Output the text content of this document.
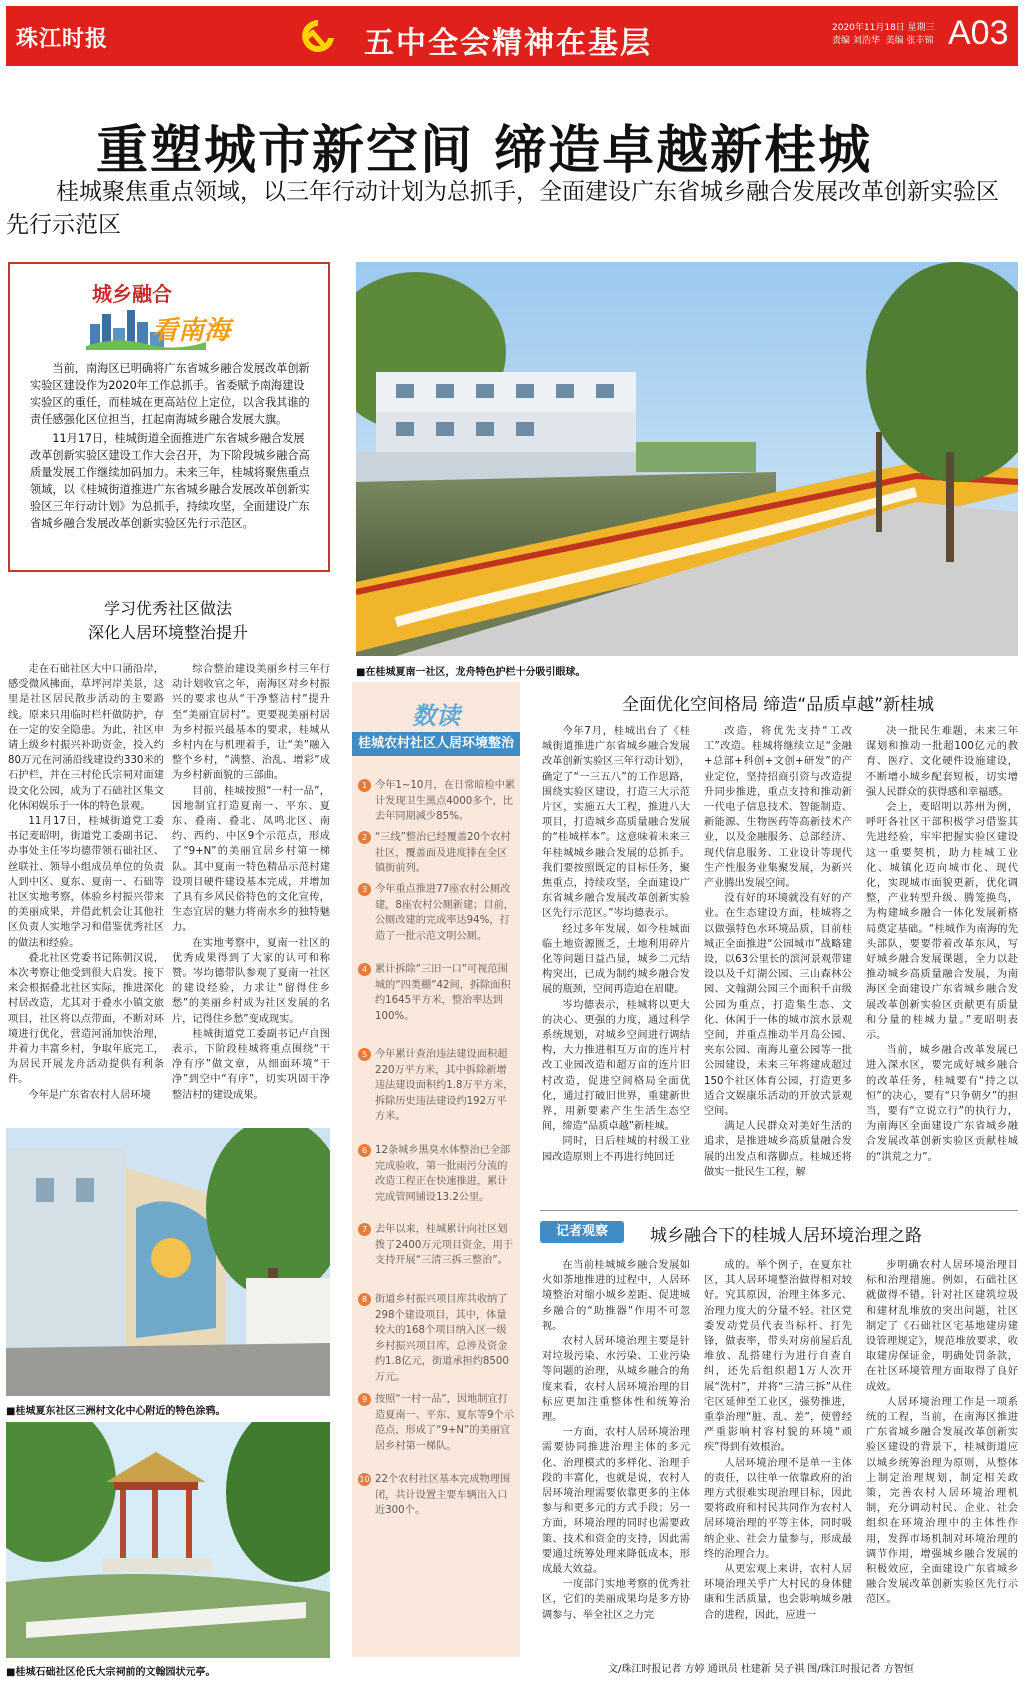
珠江时报	五中全会精神在基层	2020年11月18日 星期三
责编 刘浩华  美编 张丰锦 A03
重塑城市新空间 缔造卓越新桂城
桂城聚焦重点领域，以三年行动计划为总抓手，全面建设广东省城乡融合发展改革创新实验区先行示范区
城乡融合
看南海

当前，南海区已明确将广东省城乡融合发展改革创新实验区建设作为2020年工作总抓手。省委赋予南海建设实验区的重任，而桂城在更高站位上定位，以含我其谁的责任感强化区位担当，扛起南海城乡融合发展大旗。

11月17日，桂城街道全面推进广东省城乡融合发展改革创新实验区建设工作大会召开，为下阶段城乡融合高质量发展工作继续加码加力。未来三年，桂城将聚焦重点领域，以《桂城街道推进广东省城乡融合发展改革创新实验区三年行动计划》为总抓手，持续攻坚，全面建设广东省城乡融合发展改革创新实验区先行示范区。

■在桂城夏南一社区，龙舟特色护栏十分吸引眼球。
学习优秀社区做法
深化人居环境整治提升

走在石础社区大中口涌沿岸，感受微风拂面，草坪河岸美景，这里是社区居民散步活动的主要路线。原来只用临时栏杆做防护，存在一定的安全隐患。为此，社区申请上级乡村振兴补助资金，投入约80万元在河涌沿线建设约330米的石护栏，并在三村伦氏宗祠对面建设文化公园，成为了石础社区集文化休闲娱乐于一体的特色景观。

11月17日，桂城街道党工委书记麦昭明，街道党工委副书记、办事处主任岑均德带领石础社区、丝联社、领导小组成员单位的负责人到中区、夏东、夏南一、石础等社区实地考察，体验乡村振兴带来的美丽成果，并借此机会让其他社区负责人实地学习和借鉴优秀社区的做法和经验。

叠北社区党委书记陈朝汉说，本次考察让他受到很大启发。接下来会根据叠北社区实际，推进深化村居改造，尤其对于叠水小镇文旅项目，社区将以点带面，不断对环境进行优化，营造河涌加快治理，并着力丰富乡村，争取年底完工，为居民开展龙舟活动提供有利条件。

今年是广东省农村人居环境

综合整治建设美丽乡村三年行动计划收官之年，南海区对乡村振兴的要求也从“干净整洁村”提升至“美丽宜居村”。更要视美丽村居为乡村振兴最基本的要求，桂城从乡村内在与机理着手，让“美”融入整个乡村，“满整、治乱、增彩”成为乡村新面貌的三部曲。

目前，桂城按照“一村一品”，因地制宜打造夏南一、平东、夏东、叠南、叠北、凤鸣北区、南约、西约、中区9个示范点，形成了“9+N”的美丽宜居乡村第一梯队。其中夏南一特色精品示范村建设项目硬件建设基本完成，并增加了具有乡风民俗特色的文化宣传，生态宜居的魅力将南水乡的独特魅力。

在实地考察中，夏南一社区的优秀成果得到了大家的认可和称赞。岑均德带队参观了夏南一社区的建设经验，力求让“留得住乡愁”的美丽乡村成为社区发展的名片，记得住乡愁”变成现实。

桂城街道党工委副书记卢自图表示，下阶段桂城将重点围绕“干净有序”做文章，从细面环境“干净”到空中“有序”，切实巩固干净整洁村的建设成果。

■桂城夏东社区三洲村文化中心附近的特色涂鸦。
■桂城石础社区伦氏大宗祠前的文翰园状元亭。
数读
桂城农村社区人居环境整治
1 今年1~10月，在日常暗检中累计发现卫生黑点4000多个，比去年同期减少85%。
2 “三线”整治已经覆盖20个农村社区，覆盖面及进度排在全区镇街前列。
3 今年重点推进77座农村公厕改建，8座农村公厕新建；目前，公厕改建的完成率达94%，打造了一批示范文明公厕。
4 累计拆除“三旧一口”可视范围城的“四类棚”42间，拆除面积约1645平方米，整治率达到100%。
5 今年累计查治违法建设面积超220万平方米，其中拆除新增违法建设面积约1.8万平方米，拆除历史违法建设约192万平方米。
6 12条城乡黑臭水体整治已全部完成验收，第一批雨污分流的改造工程正在快速推进，累计完成管网铺设13.2公里。
7 去年以来，桂城累计向社区划拨了2400万元项目资金，用于支持开展“三清三拆三整治”。
8 街道乡村振兴项目库共收纳了298个建设项目，其中，体量较大的168个项目纳入区一级乡村振兴项目库，总涉及资金约1.8亿元，街道承担约8500万元。
9 按照“一村一品”，因地制宜打造夏南一、平东、夏东等9个示范点，形成了“9+N”的美丽宜居乡村第一梯队。
10 22个农村社区基本完成物理围闭，共计设置主要车辆出入口近300个。
全面优化空间格局 缔造“品质卓越”新桂城

今年7月，桂城出台了《桂城街道推进广东省城乡融合发展改革创新实验区三年行动计划》，确定了“一三五八”的工作思路，围绕实验区建设，打造三大示范片区，实施五大工程，推进八大项目，打造城乡高质量融合发展的“桂城样本”。这意味着未来三年桂城城乡融合发展的总抓手。我们要按照既定的目标任务，聚焦重点，持续攻坚，全面建设广东省城乡融合发展改革创新实验区先行示范区。”岑均德表示。

经过多年发展，如今桂城面临土地资源匮乏，土地利用碎片化等问题日益凸显，城乡二元结构突出，已成为制约城乡融合发展的瓶颈，空间再造迫在眉睫。

岑均德表示，桂城将以更大的决心、更强的力度，通过科学系统规划，对城乡空间进行调结构，大力推进相互万亩的连片村改工业园改造和超万亩的连片旧村改造，促进空间格局全面优化，通过打破旧世界，重建新世界，用新要素产生生活生态空间，缔造“品质卓越”新桂城。

同时，日后桂城的村级工业园改造原则上不再进行纯回迁

改造，将优先支持“工改工”改造。桂城将继续立足“金融+总部+科创+文创+研发”的产业定位，坚持招商引资与改造提升同步推进，重点支持和推动新一代电子信息技术、智能制造、新能源、生物医药等高新技术产业，以及金融服务、总部经济、现代信息服务、工业设计等现代生产性服务业集聚发展，为新兴产业腾出发展空间。

没有好的环境就没有好的产业。在生态建设方面，桂城将之以做强特色水环境品质，目前桂城正全面推进“公园城市”战略建设，以63公里长的滨河景观带建设以及千灯湖公园、三山森林公园、文翰湖公园三个面积千亩级公园为重点，打造集生态、文化、休闲于一体的城市滨水景观空间，并重点推动半月岛公园、夹东公园、南海儿童公园等一批公园建设，未来三年将建成超过150个社区体育公园，打造更多适合文娱康乐活动的开放式景观空间。

满足人民群众对美好生活的追求，是推进城乡高质量融合发展的出发点和落脚点。桂城还将做实一批民生工程，解

决一批民生难题，未来三年谋划和推动一批超100亿元的教育、医疗、文化硬件设施建设，不断增小城乡配套短板，切实增强人民群众的获得感和幸福感。

会上，麦昭明以苏州为例，呼吁各社区干部积极学习借鉴其先进经验，牢牢把握实验区建设这一重要契机，助力桂城工业化、城镇化迈向城市化、现代化，实现城市面貌更新，优化调整，产业转型升级、腾笼换鸟，为构建城乡融合一体化发展新格局奠定基础。“桂城作为南海的先头部队，要要带着改革东风，写好城乡融合发展课题，全力以赴推动城乡高质量融合发展，为南海区全面建设广东省城乡融合发展改革创新实验区贡献更有质量和分量的桂城力量。”麦昭明表示。

当前，城乡融合改革发展已进入深水区，要完成好城乡融合的改革任务，桂城要有“持之以恒”的决心，要有“只争朝夕”的担当，要有“立说立行”的执行力，为南海区全面建设广东省城乡融合发展改革创新实验区贡献桂城的“洪荒之力”。

记者观察	城乡融合下的桂城人居环境治理之路

在当前桂城城乡融合发展如火如荼地推进的过程中，人居环境整治对缩小城乡差距、促进城乡融合的“助推器”作用不可忽视。

农村人居环境治理主要是针对垃圾污染、水污染、工业污染等问题的治理，从城乡融合的角度来看，农村人居环境治理的目标应更加注重整体性和统筹治理。

一方面，农村人居环境治理需要协同推进治理主体的多元化、治理模式的多样化、治理手段的丰富化，也就是说，农村人居环境治理需要依靠更多的主体参与和更多元的方式手段；另一方面，环境治理的同时也需要政策、技术和资金的支持，因此需要通过统筹处理来降低成本，形成最大效益。

一度部门实地考察的优秀社区，它们的美丽成果均是多方协调参与、举全社区之力完

成的。举个例子，在夏东社区，其人居环境整治做得相对较好。究其原因，治理主体多元、治理力度大的分量不轻。社区党委发动党员代表当标杆、打先锋，做表率，带头对房前屋后乱堆放、乱搭建行为进行自查自纠，还先后组织超1万人次开展“洗村”，并将“三清三拆”从住宅区延伸至工业区，强势推进，重拳治理“脏、乱、差”，使曾经严重影响村容村貌的环境“顽疾”得到有效根治。

人居环境治理不是单一主体的责任，以往单一依靠政府的治理方式很难实现治理目标，因此要将政府和村民共同作为农村人居环境治理的平等主体，同时吸纳企业、社会力量参与，形成最终的治理合力。

从更宏观上来讲，农村人居环境治理关乎广大村民的身体健康和生活质量，也会影响城乡融合的进程，因此，应进一

步明确农村人居环境治理目标和治理措施。例如，石础社区就做得不错。针对社区建筑垃圾和建材乱堆放的突出问题，社区制定了《石础社区宅基地建房建设管理规定》，规范堆放要求，收取建房保证金，明确处罚条款，在社区环境管理方面取得了良好成效。

人居环境治理工作是一项系统的工程，当前，在南海区推进广东省城乡融合发展改革创新实验区建设的背景下，桂城街道应以城乡统筹治理为原则，从整体上制定治理规划，制定相关政策，完善农村人居环境治理机制，充分调动村民、企业、社会组织在环境治理中的主体性作用，发挥市场机制对环境治理的调节作用，增强城乡融合发展的积极效应，全面建设广东省城乡融合发展改革创新实验区先行示范区。

文/珠江时报记者 方婷 通讯员 杜建新 吴子祺 图/珠江时报记者 方智恒
